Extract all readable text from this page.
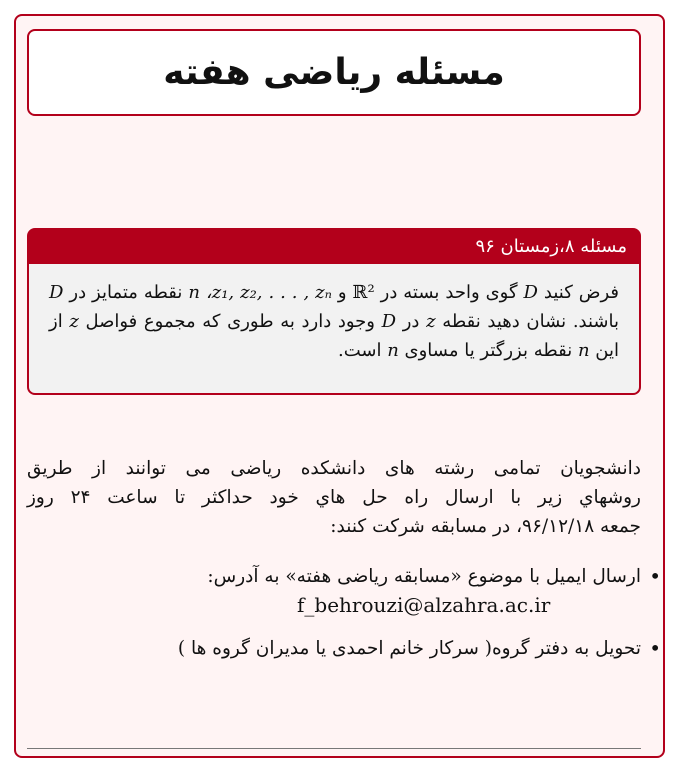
مسئله ریاضی هفته
مسئله ۸،زمستان ۹۶
فرض کنید D گوی واحد بسته در ℝ² و n ،z₁, z₂, . . . , zₙ نقطه متمایز در D باشند. نشان دهید نقطه z در D وجود دارد به طوری که مجموع فواصل z از این n نقطه بزرگتر یا مساوی n است.
دانشجویان تمامی رشته های دانشکده ریاضی می توانند از طریق
روشهاي زیر با ارسال راه حل هاي خود حداکثر تا ساعت ۲۴ روز
جمعه ۹۶/۱۲/۱۸، در مسابقه شرکت کنند:
• ارسال ایمیل با موضوع «مسابقه ریاضی هفته» به آدرس:
f_behrouzi@alzahra.ac.ir
• تحویل به دفتر گروه( سرکار خانم احمدی یا مدیران گروه ها )
